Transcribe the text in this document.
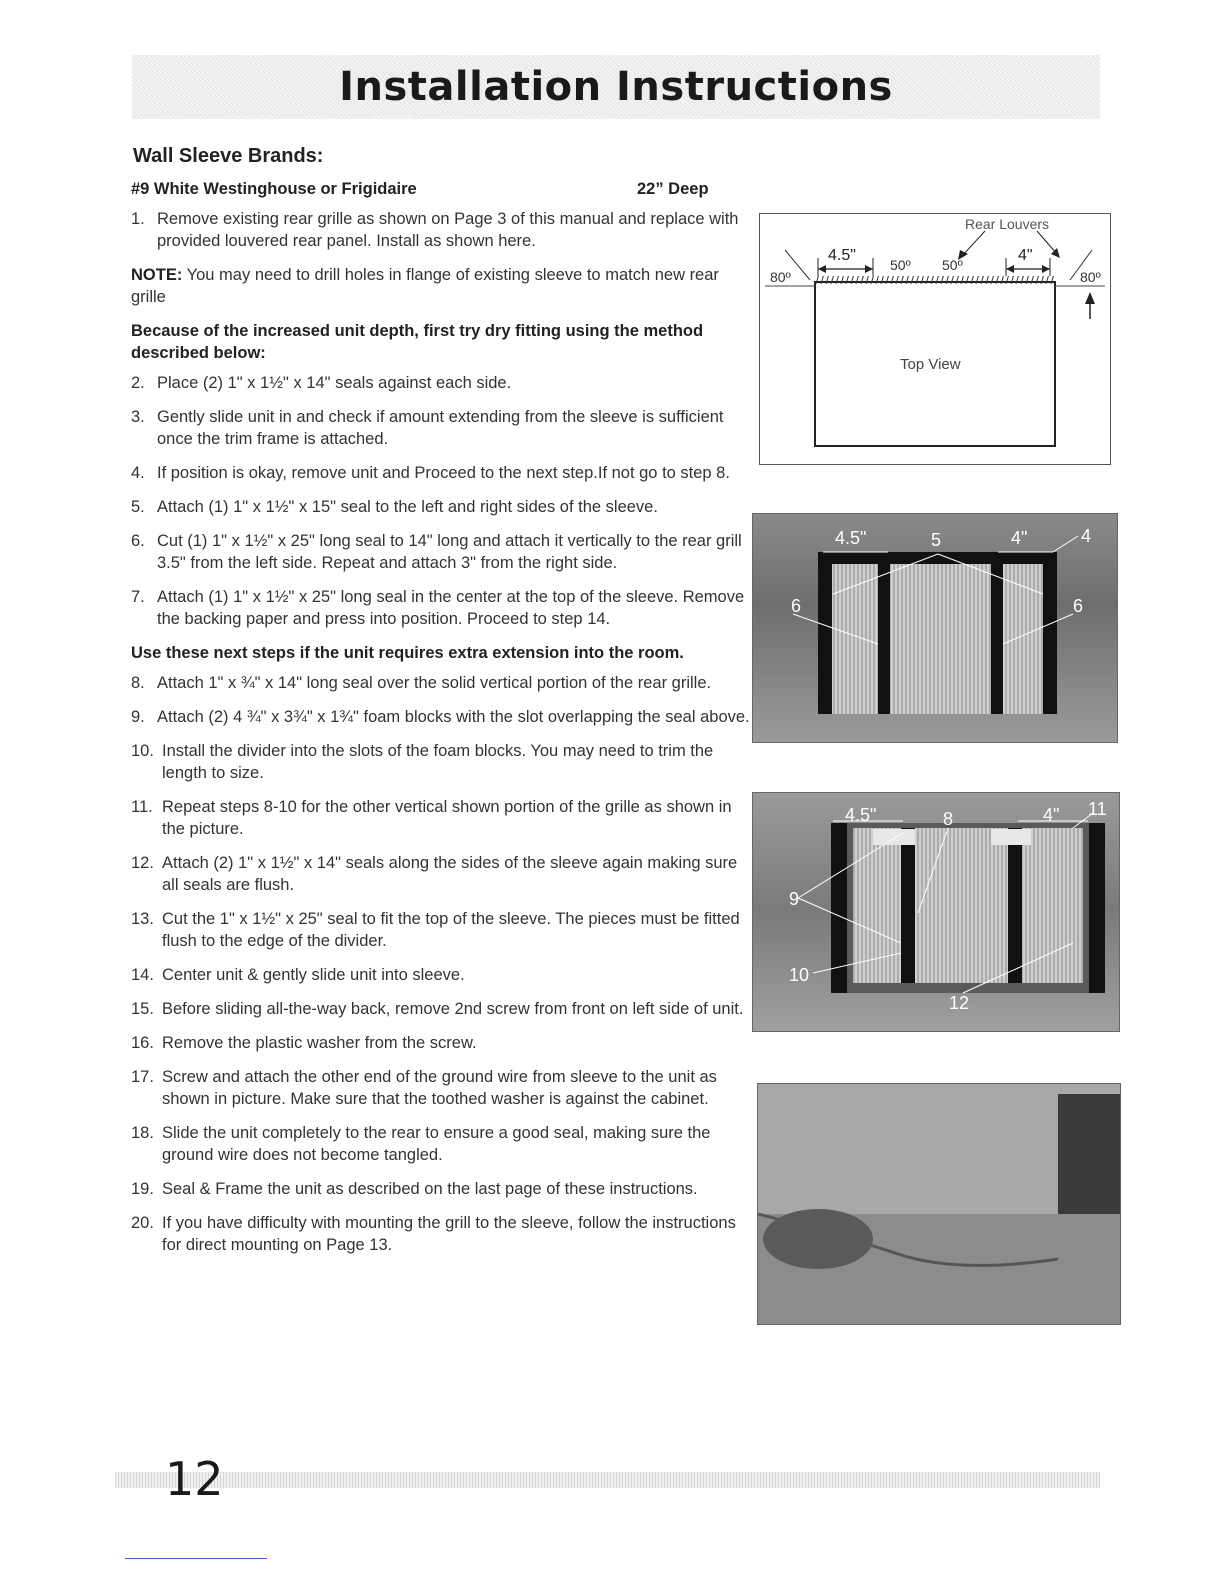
Installation Instructions
Wall Sleeve Brands:
#9 White Westinghouse or Frigidaire	22” Deep
1. Remove existing rear grille as shown on Page 3 of this manual and replace with provided louvered rear panel. Install as shown here.
NOTE: You may need to drill holes in flange of existing sleeve to match new rear grille
Because of the increased unit depth, first try dry fitting using the method described below:
2. Place (2) 1" x 1½" x 14" seals against each side.
3. Gently slide unit in and check if amount extending from the sleeve is sufficient once the trim frame is attached.
4. If position is okay, remove unit and Proceed to the next step.If not go to step 8.
5. Attach (1) 1" x 1½" x 15" seal to the left and right sides of the sleeve.
6. Cut (1) 1" x 1½" x 25" long seal to 14" long and attach it vertically to the rear grill 3.5" from the left side. Repeat and attach 3" from the right side.
7. Attach (1) 1" x 1½" x 25" long seal in the center at the top of the sleeve. Remove the backing paper and press into position. Proceed to step 14.
Use these next steps if the unit requires extra extension into the room.
8. Attach 1" x ¾" x 14" long seal over the solid vertical portion of the rear grille.
9. Attach (2) 4 ¾" x 3¾" x 1¾" foam blocks with the slot overlapping the seal above.
10. Install the divider into the slots of the foam blocks. You may need to trim the length to size.
11. Repeat steps 8-10 for the other vertical shown portion of the grille as shown in the picture.
12. Attach (2) 1" x 1½" x 14" seals along the sides of the sleeve again making sure all seals are flush.
13. Cut the 1" x 1½" x 25" seal to fit the top of the sleeve. The pieces must be fitted flush to the edge of the divider.
14. Center unit & gently slide unit into sleeve.
15. Before sliding all-the-way back, remove 2nd screw from front on left side of unit.
16. Remove the plastic washer from the screw.
17. Screw and attach the other end of the ground wire from sleeve to the unit as shown in picture. Make sure that the toothed washer is against the cabinet.
18. Slide the unit completely to the rear to ensure a good seal, making sure the ground wire does not become tangled.
19. Seal & Frame the unit as described on the last page of these instructions.
20. If you have difficulty with mounting the grill to the sleeve, follow the instructions for direct mounting on Page 13.
Rear Louvers
Top View
4.5"	4"
50º 50º
80º	80º
4.5"	4"
5	4
6	6
4.5"	4"
8	11
9
10
12
12
